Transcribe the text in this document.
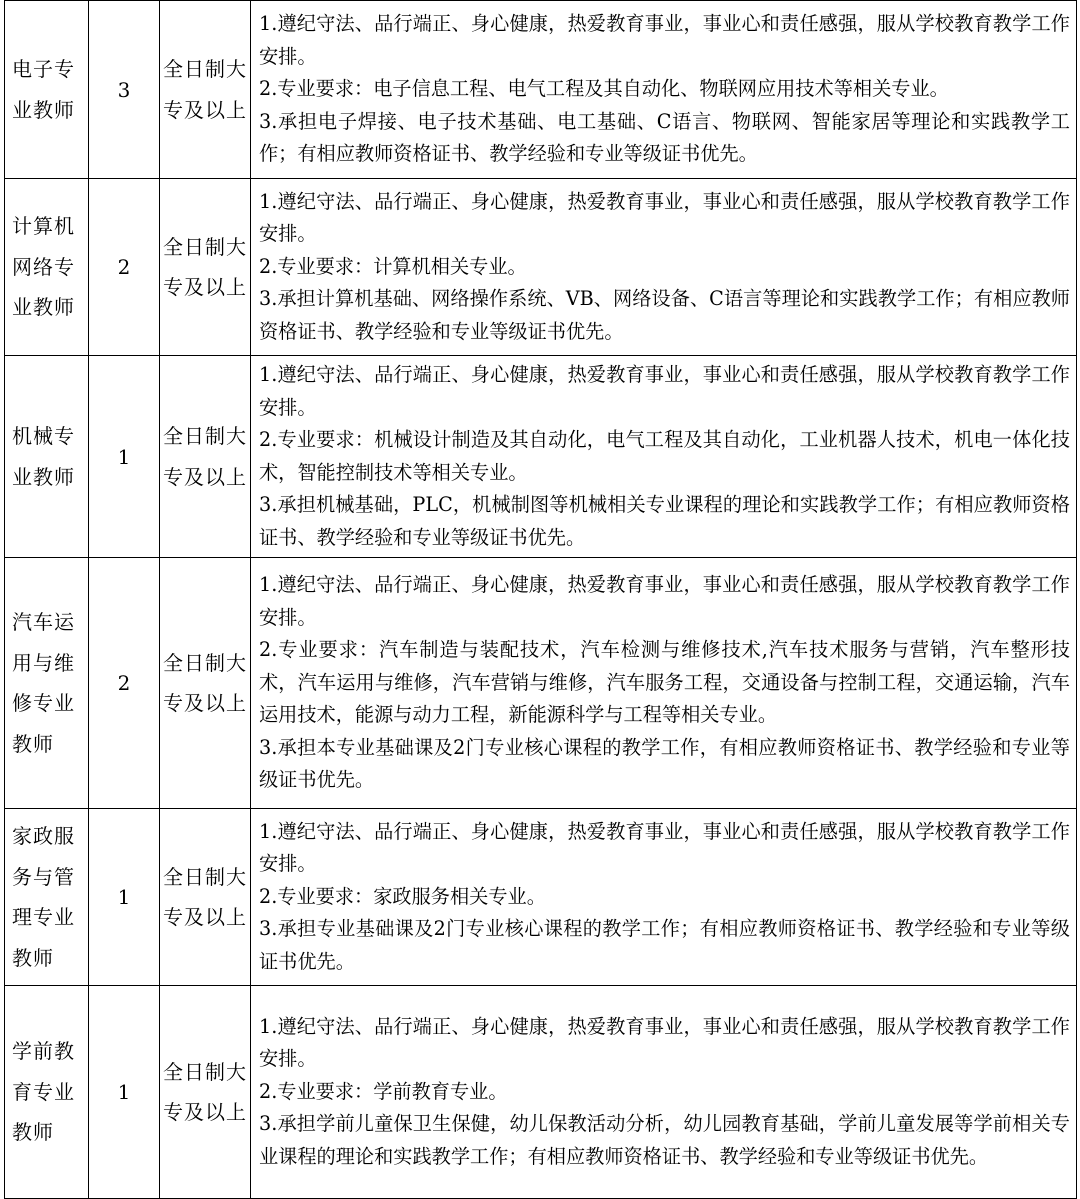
电子专业教师	3	全日制大专及以上	1.遵纪守法、品行端正、身心健康，热爱教育事业，事业心和责任感强，服从学校教育教学工作安排。
2.专业要求：电子信息工程、电气工程及其自动化、物联网应用技术等相关专业。
3.承担电子焊接、电子技术基础、电工基础、C语言、物联网、智能家居等理论和实践教学工作；有相应教师资格证书、教学经验和专业等级证书优先。

计算机网络专业教师	2	全日制大专及以上	1.遵纪守法、品行端正、身心健康，热爱教育事业，事业心和责任感强，服从学校教育教学工作安排。
2.专业要求：计算机相关专业。
3.承担计算机基础、网络操作系统、VB、网络设备、C语言等理论和实践教学工作；有相应教师资格证书、教学经验和专业等级证书优先。

机械专业教师	1	全日制大专及以上	1.遵纪守法、品行端正、身心健康，热爱教育事业，事业心和责任感强，服从学校教育教学工作安排。
2.专业要求：机械设计制造及其自动化，电气工程及其自动化，工业机器人技术，机电一体化技术，智能控制技术等相关专业。
3.承担机械基础，PLC，机械制图等机械相关专业课程的理论和实践教学工作；有相应教师资格证书、教学经验和专业等级证书优先。

汽车运用与维修专业教师	2	全日制大专及以上	1.遵纪守法、品行端正、身心健康，热爱教育事业，事业心和责任感强，服从学校教育教学工作安排。
2.专业要求：汽车制造与装配技术，汽车检测与维修技术,汽车技术服务与营销，汽车整形技术，汽车运用与维修，汽车营销与维修，汽车服务工程，交通设备与控制工程，交通运输，汽车运用技术，能源与动力工程，新能源科学与工程等相关专业。
3.承担本专业基础课及2门专业核心课程的教学工作，有相应教师资格证书、教学经验和专业等级证书优先。

家政服务与管理专业教师	1	全日制大专及以上	1.遵纪守法、品行端正、身心健康，热爱教育事业，事业心和责任感强，服从学校教育教学工作安排。
2.专业要求：家政服务相关专业。
3.承担专业基础课及2门专业核心课程的教学工作；有相应教师资格证书、教学经验和专业等级证书优先。

学前教育专业教师	1	全日制大专及以上	1.遵纪守法、品行端正、身心健康，热爱教育事业，事业心和责任感强，服从学校教育教学工作安排。
2.专业要求：学前教育专业。
3.承担学前儿童保卫生保健，幼儿保教活动分析，幼儿园教育基础，学前儿童发展等学前相关专业课程的理论和实践教学工作；有相应教师资格证书、教学经验和专业等级证书优先。
